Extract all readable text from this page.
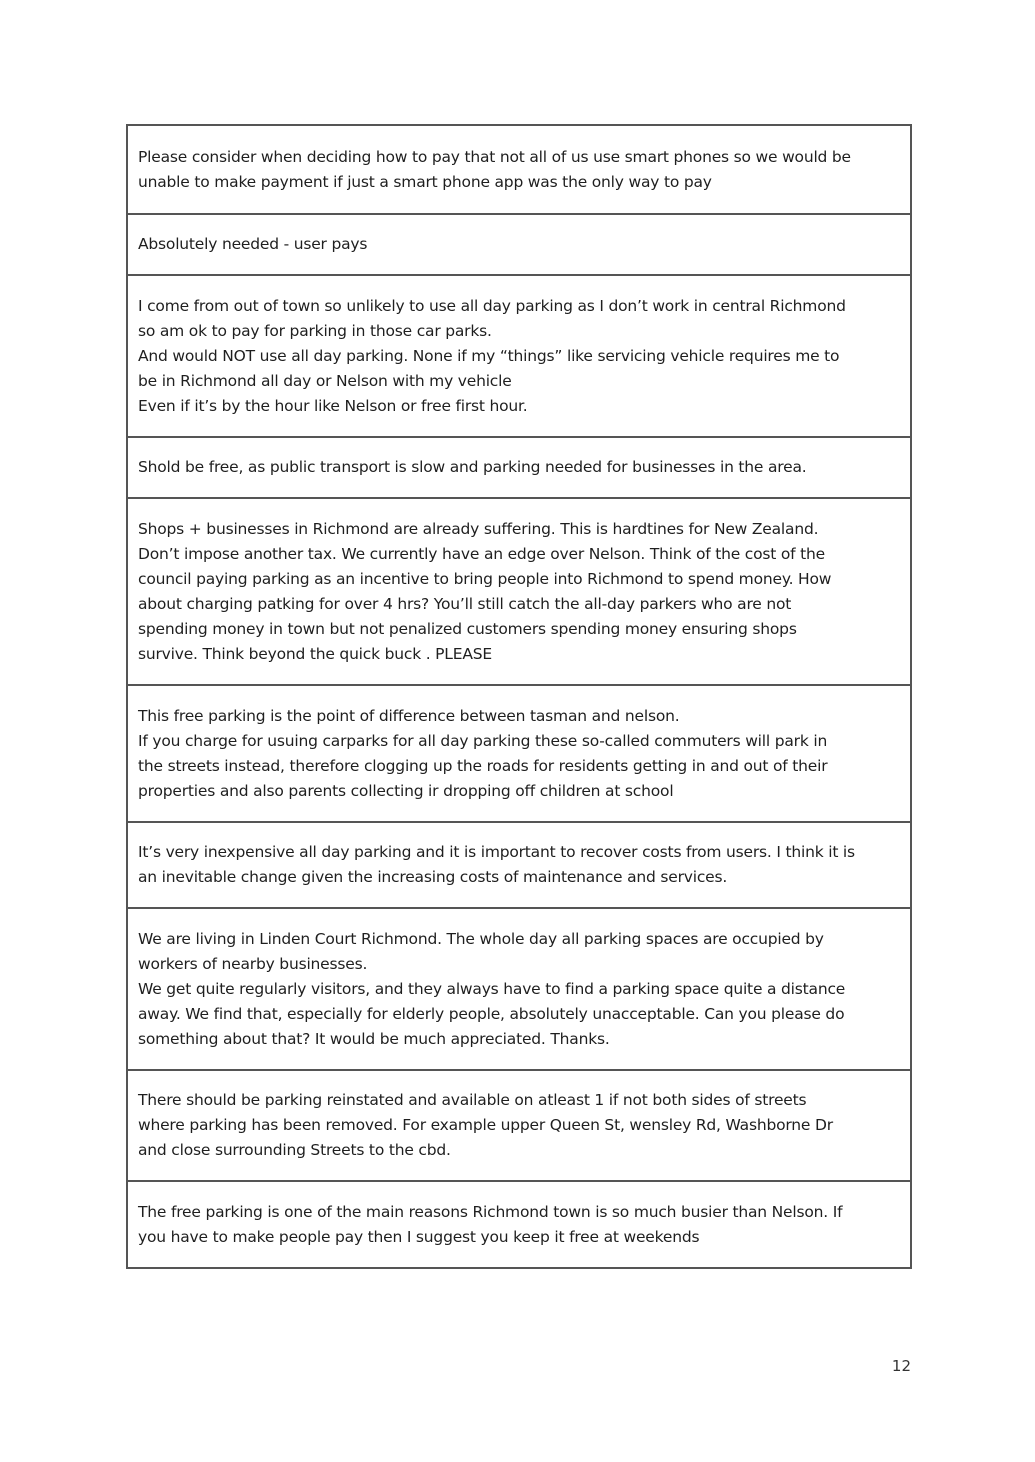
Please consider when deciding how to pay that not all of us use smart phones so we would be
unable to make payment if just a smart phone app was the only way to pay
Absolutely needed - user pays
I come from out of town so unlikely to use all day parking as I don’t work in central Richmond
so am ok to pay for parking in those car parks.
And would NOT use all day parking. None if my “things” like servicing vehicle requires me to
be in Richmond all day or Nelson with my vehicle
Even if it’s by the hour like Nelson or free first hour.
Shold be free, as public transport is slow and parking needed for businesses in the area.
Shops + businesses in Richmond are already suffering. This is hardtines for New Zealand.
Don’t impose another tax. We currently have an edge over Nelson. Think of the cost of the
council paying parking as an incentive to bring people into Richmond to spend money. How
about charging patking for over 4 hrs? You’ll still catch the all-day parkers who are not
spending money in town but not penalized customers spending money ensuring shops
survive. Think beyond the quick buck . PLEASE
This free parking is the point of difference between tasman and nelson.
If you charge for usuing carparks for all day parking these so-called commuters will park in
the streets instead, therefore clogging up the roads for residents getting in and out of their
properties and also parents collecting ir dropping off children at school
It’s very inexpensive all day parking and it is important to recover costs from users. I think it is
an inevitable change given the increasing costs of maintenance and services.
We are living in Linden Court Richmond. The whole day all parking spaces are occupied by
workers of nearby businesses.
We get quite regularly visitors, and they always have to find a parking space quite a distance
away. We find that, especially for elderly people, absolutely unacceptable. Can you please do
something about that? It would be much appreciated. Thanks.
There should be parking reinstated and available on atleast 1 if not both sides of streets
where parking has been removed. For example upper Queen St, wensley Rd, Washborne Dr
and close surrounding Streets to the cbd.
The free parking is one of the main reasons Richmond town is so much busier than Nelson. If
you have to make people pay then I suggest you keep it free at weekends
12
